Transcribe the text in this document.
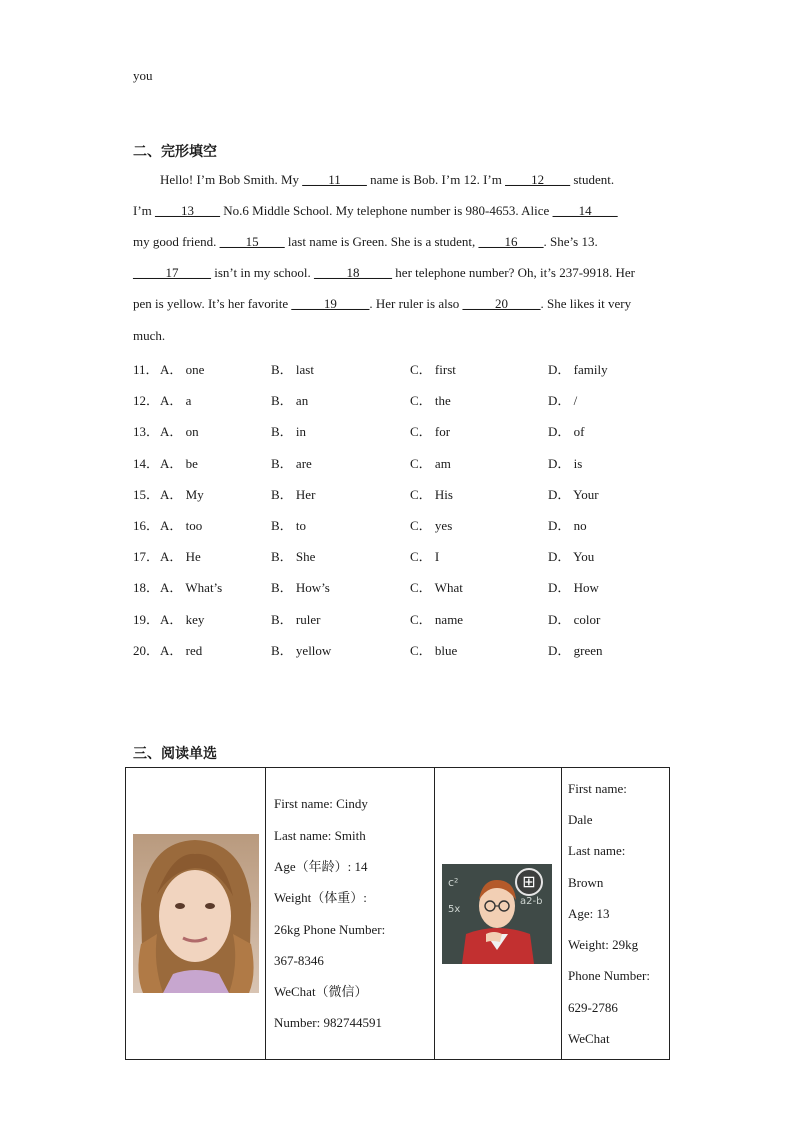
you
二、完形填空
Hello! I’m Bob Smith. My ____11____ name is Bob. I’m 12. I’m ____12____ student.
I’m ____13____ No.6 Middle School. My telephone number is 980-4653. Alice ____14____
my good friend. ____15____ last name is Green. She is a student, ____16____. She’s 13.
_____17_____ isn’t in my school. _____18_____ her telephone number? Oh, it’s 237-9918. Her
pen is yellow. It’s her favorite _____19_____. Her ruler is also _____20_____. She likes it very
much.
11． A． one	B． last	C． first	D． family
12． A． a	B． an	C． the	D． /
13． A． on	B． in	C． for	D． of
14． A． be	B． are	C． am	D． is
15． A． My	B． Her	C． His	D． Your
16． A． too	B． to	C． yes	D． no
17． A． He	B． She	C． I	D． You
18． A． What’s	B． How’s	C． What	D． How
19． A． key	B． ruler	C． name	D． color
20． A． red	B． yellow	C． blue	D． green
三、阅读单选

First name: Cindy
Last name: Smith
Age（年龄）: 14
Weight（体重）:
26kg Phone Number:
367-8346
WeChat（微信）
Number: 982744591

c²
a2-b
5x
⊞

First name:
Dale
Last name:
Brown
Age: 13
Weight: 29kg
Phone Number:
629-2786
WeChat
